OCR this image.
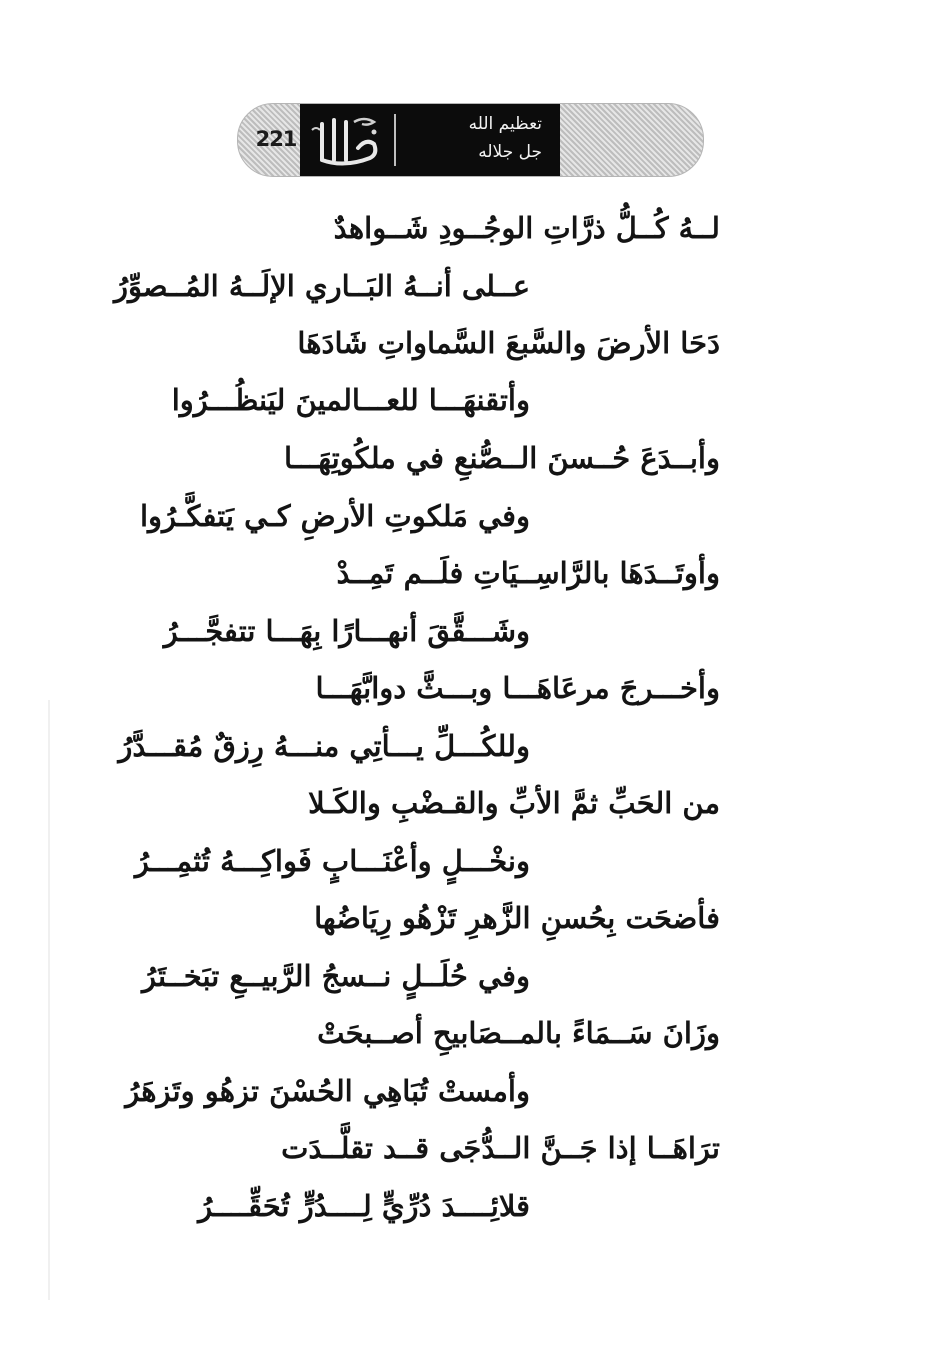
221
تعظيم الله
جل جلاله
لــهُ كُــلُّ ذرَّاتِ الوجُــودِ شَــواهدٌ
عــلى أنــهُ البَــاري الإلَــهُ المُــصوِّرُ
دَحَا الأرضَ والسَّبعَ السَّماواتِ شَادَهَا
وأتقنهَـــا للعـــالمينَ ليَنظُـــرُوا
وأبــدَعَ حُــسنَ الــصُّنعِ في ملكُوتِهَـــا
وفي مَلكوتِ الأرضِ كـي يَتفكَّـرُوا
وأوتَــدَهَا بالرَّاسِــيَاتِ فلَــم تَمِــدْ
وشَـــقَّقَ أنهـــارًا بِهَـــا تتفجَّـــرُ
وأخـــرجَ مرعَاهَـــا وبـــثَّ دوابَّهَـــا
وللكُـــلِّ يـــأتِي منـــهُ رِزقٌ مُقـــدَّرُ
من الحَبِّ ثمَّ الأبِّ والقـضْبِ والكَـلا
ونخْـــلٍ وأعْنَـــابٍ فَواكِـــهُ تُثمِـــرُ
فأضحَت بِحُسنِ الزَّهرِ تَزْهُو رِيَاضُها
وفي حُلَــلٍ نــسجُ الرَّبيــعِ تبَخــتَرُ
وزَانَ سَــمَاءً بالمــصَابيحِ أصــبحَتْ
وأمستْ تُبَاهِي الحُسْنَ تزهُو وتَزهَرُ
ترَاهَــا إذا جَــنَّ الــدُّجَى قــد تقلَّــدَت
قلائِــــدَ دُرِّيٍّ لِــــدُرٍّ تُحَقِّــــرُ
